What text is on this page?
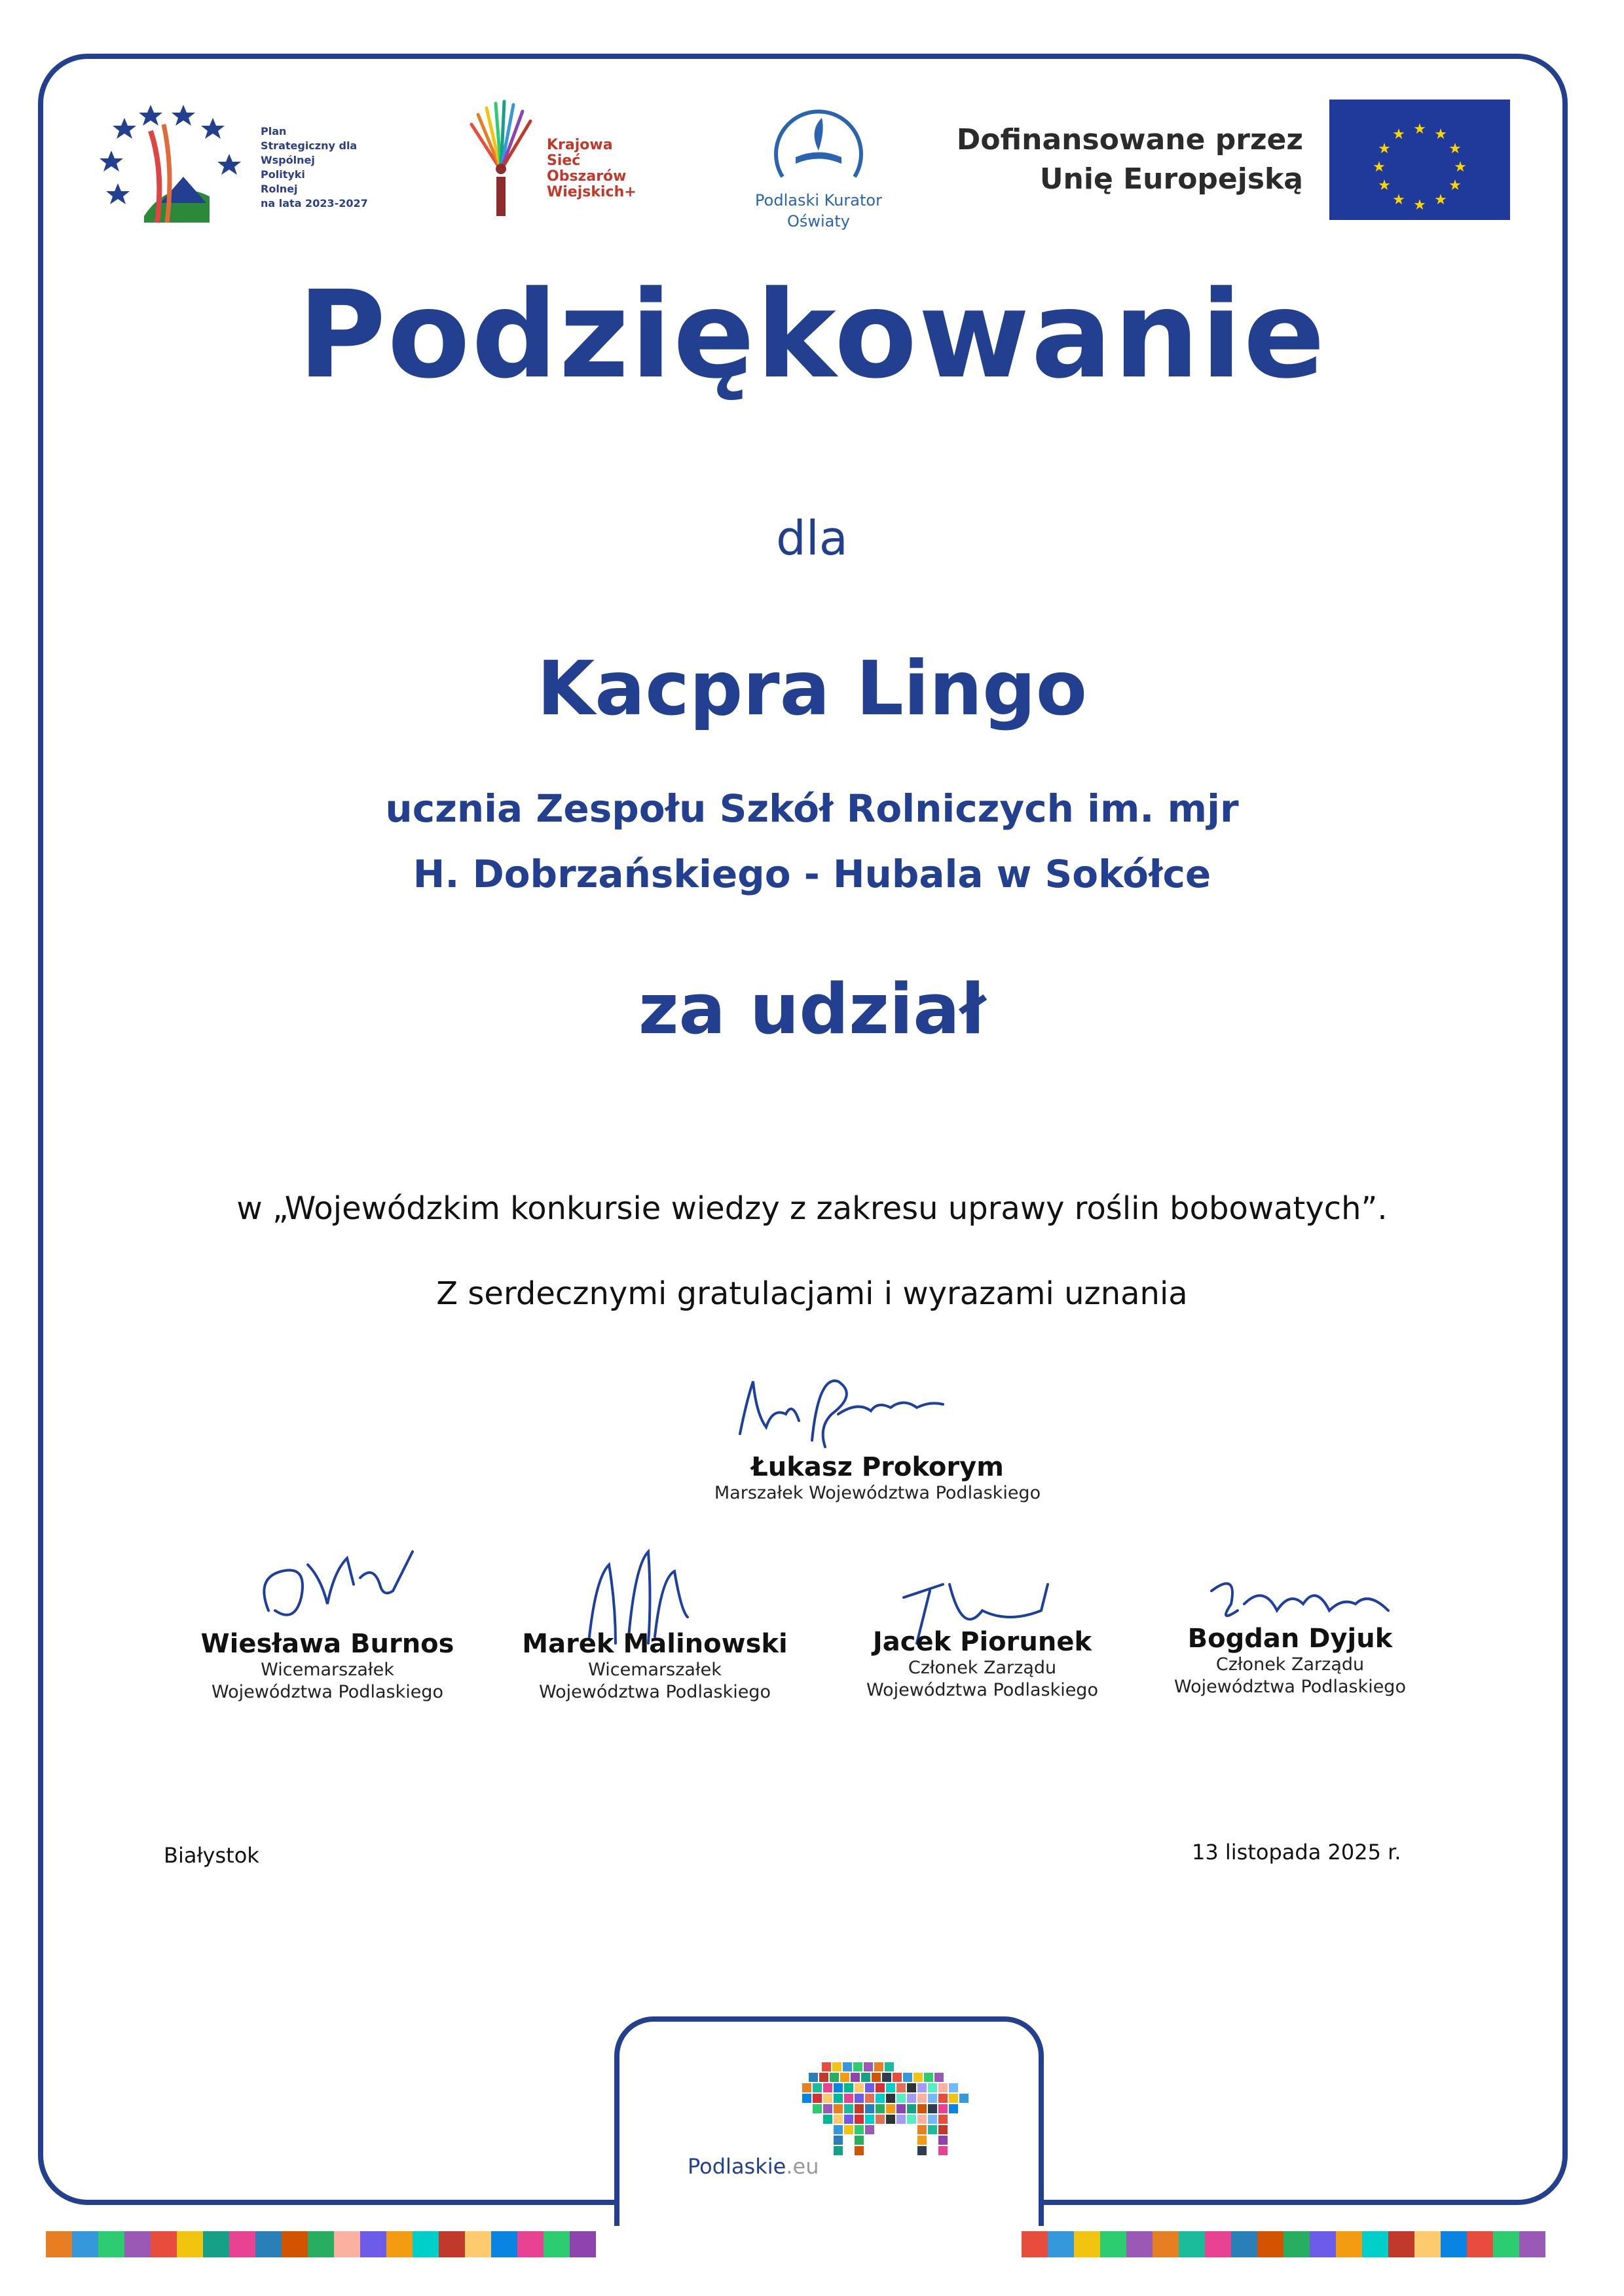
Plan
Strategiczny dla
Wspólnej
Polityki
Rolnej
na lata 2023-2027
Krajowa
Sieć
Obszarów
Wiejskich+	Podlaski Kurator
Oświaty
Dofinansowane przez
Unię Europejską
★ ★
★
★
★
★
★
★
★
★
★
★
Podziękowanie
dla
Kacpra Lingo
ucznia Zespołu Szkół Rolniczych im. mjr
H. Dobrzańskiego - Hubala w Sokółce
za udział
w „Wojewódzkim konkursie wiedzy z zakresu uprawy roślin bobowatych”.
Z serdecznymi gratulacjami i wyrazami uznania
Łukasz Prokorym
Marszałek Województwa Podlaskiego
Wiesława Burnos
Wicemarszałek
Województwa Podlaskiego
Marek Malinowski
Wicemarszałek
Województwa Podlaskiego
Jacek Piorunek
Członek Zarządu
Województwa Podlaskiego
Bogdan Dyjuk
Członek Zarządu
Województwa Podlaskiego
Białystok	13 listopada 2025 r.
Podlaskie.eu
